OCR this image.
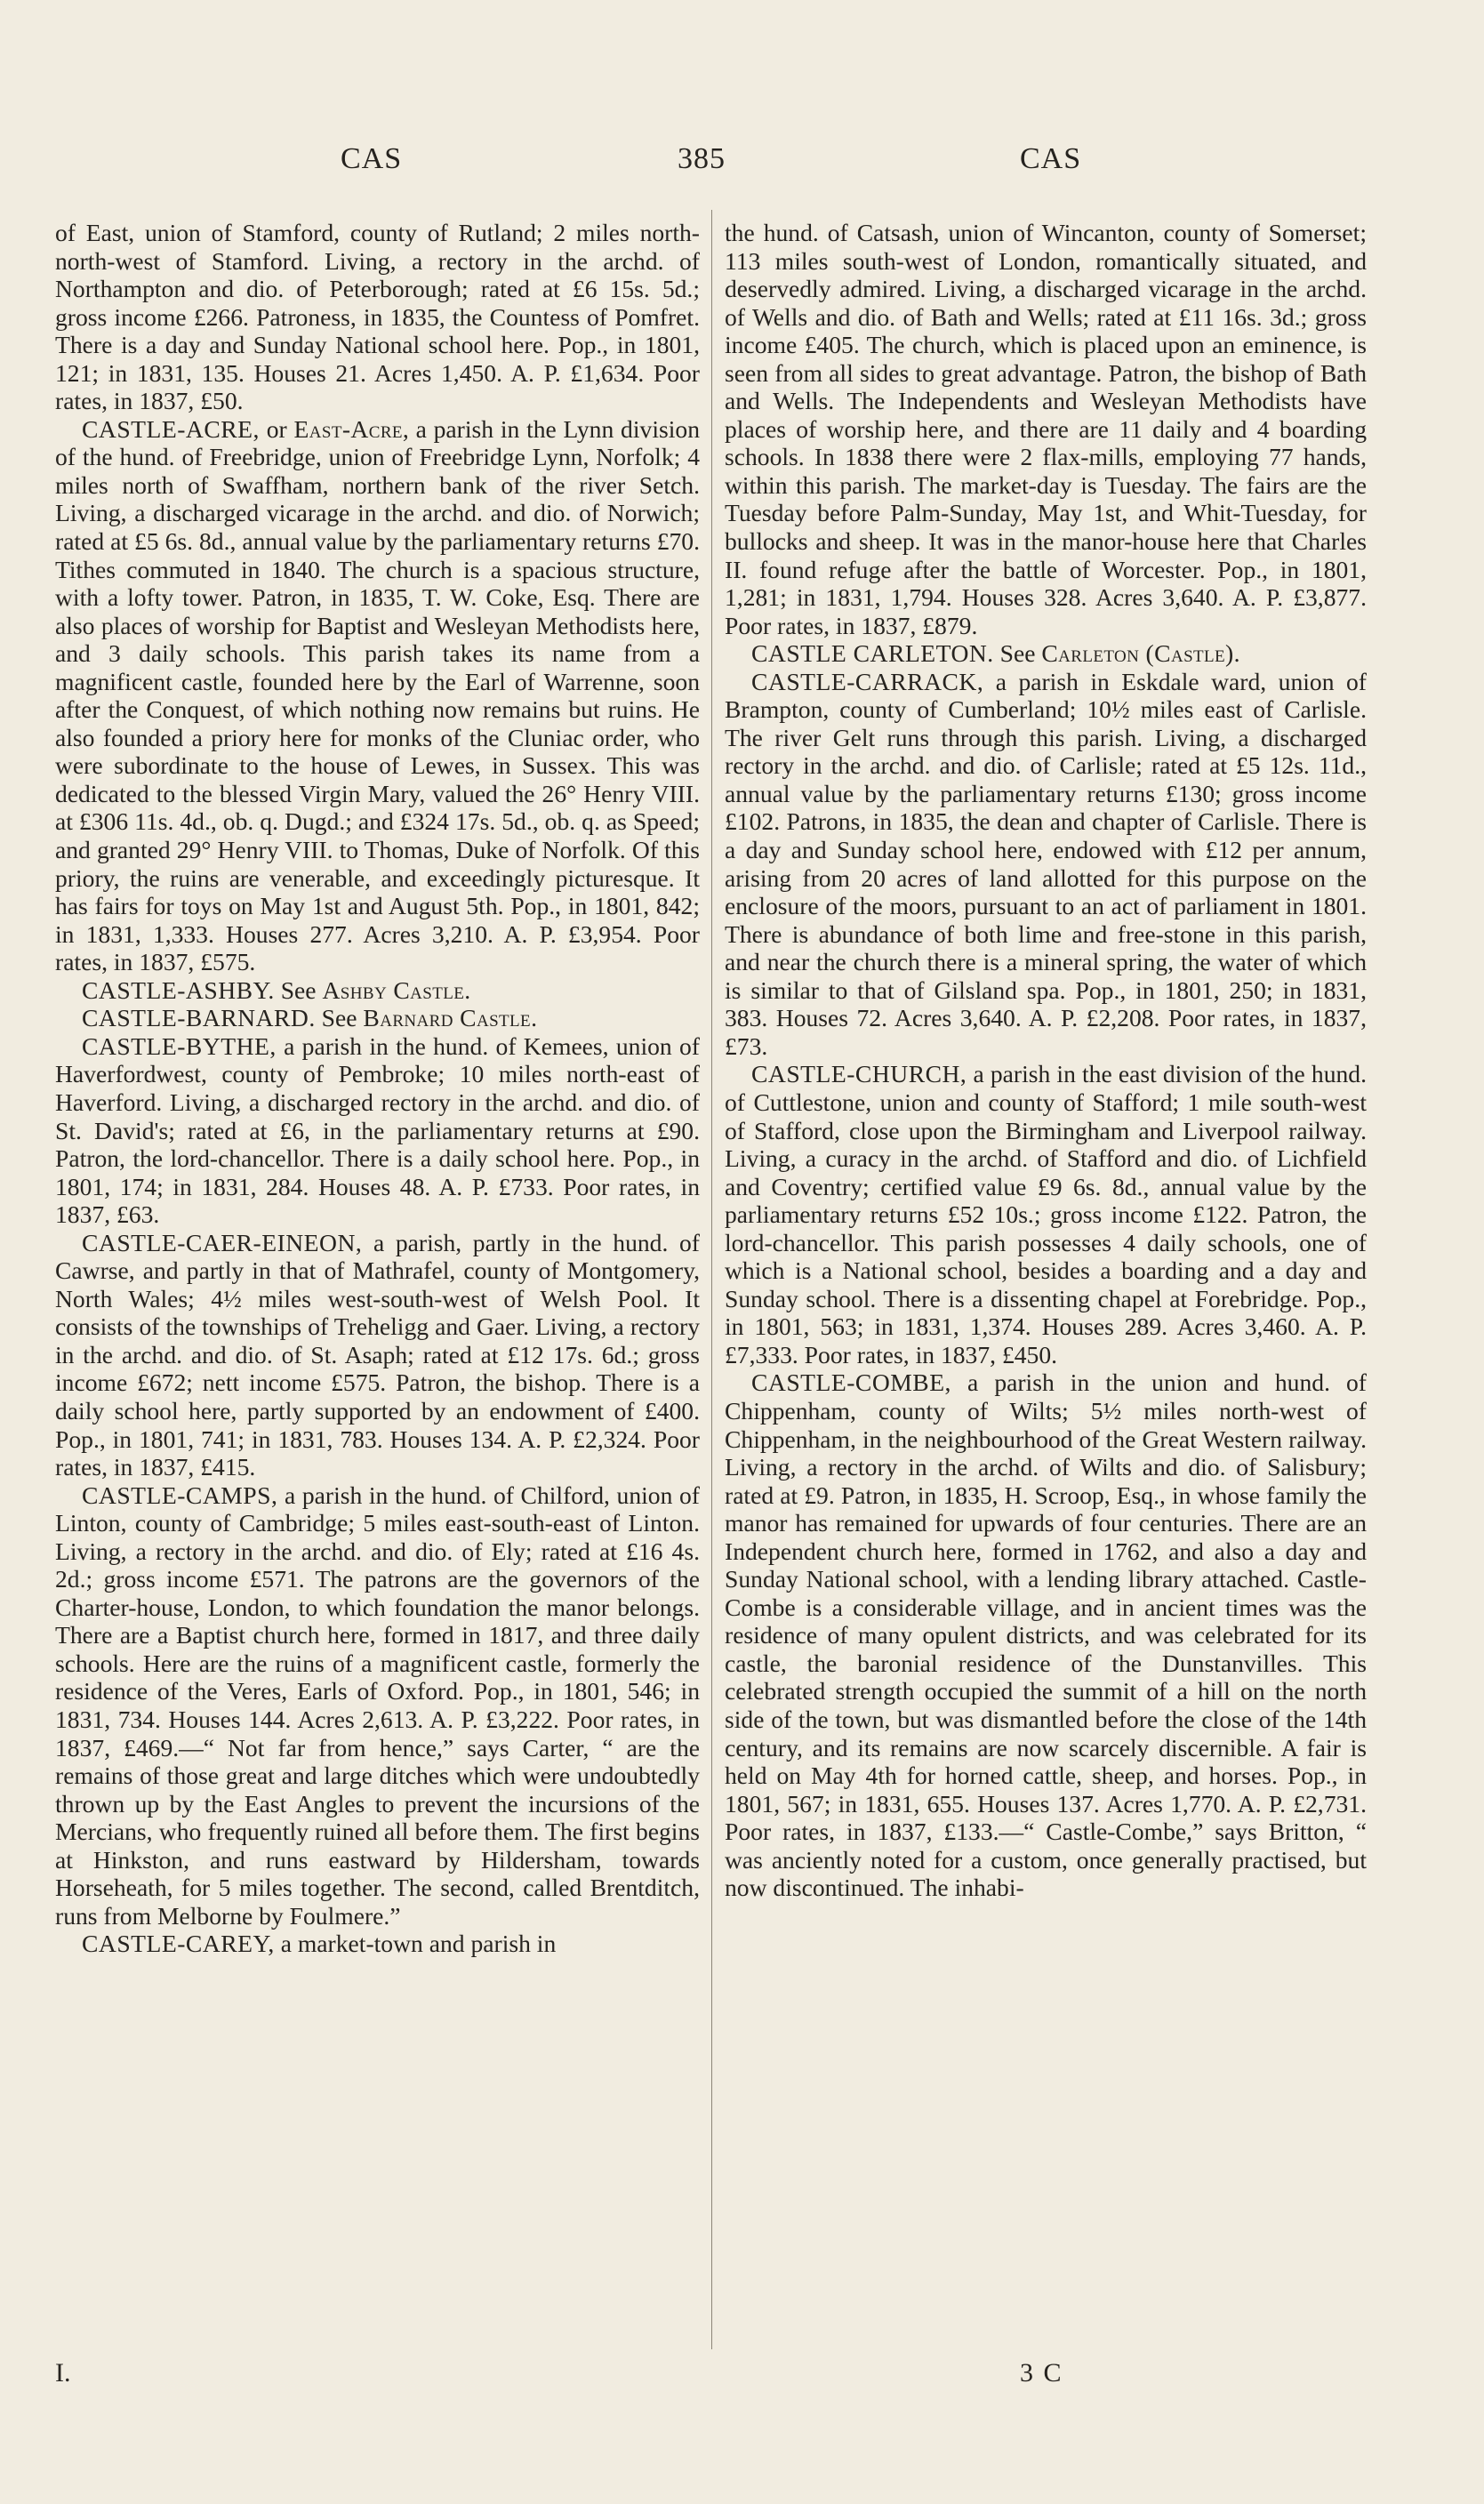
CAS	385	CAS

of East, union of Stamford, county of Rutland; 2 miles north-north-west of Stamford. Living, a rectory in the archd. of Northampton and dio. of Peterborough; rated at £6 15s. 5d.; gross income £266. Patroness, in 1835, the Countess of Pomfret. There is a day and Sunday National school here. Pop., in 1801, 121; in 1831, 135. Houses 21. Acres 1,450. A. P. £1,634. Poor rates, in 1837, £50.

CASTLE-ACRE, or East-Acre, a parish in the Lynn division of the hund. of Freebridge, union of Freebridge Lynn, Norfolk; 4 miles north of Swaffham, northern bank of the river Setch. Living, a discharged vicarage in the archd. and dio. of Norwich; rated at £5 6s. 8d., annual value by the parliamentary returns £70. Tithes commuted in 1840. The church is a spacious structure, with a lofty tower. Patron, in 1835, T. W. Coke, Esq. There are also places of worship for Baptist and Wesleyan Methodists here, and 3 daily schools. This parish takes its name from a magnificent castle, founded here by the Earl of Warrenne, soon after the Conquest, of which nothing now remains but ruins. He also founded a priory here for monks of the Cluniac order, who were subordinate to the house of Lewes, in Sussex. This was dedicated to the blessed Virgin Mary, valued the 26° Henry VIII. at £306 11s. 4d., ob. q. Dugd.; and £324 17s. 5d., ob. q. as Speed; and granted 29° Henry VIII. to Thomas, Duke of Norfolk. Of this priory, the ruins are venerable, and exceedingly picturesque. It has fairs for toys on May 1st and August 5th. Pop., in 1801, 842; in 1831, 1,333. Houses 277. Acres 3,210. A. P. £3,954. Poor rates, in 1837, £575.

CASTLE-ASHBY. See Ashby Castle.

CASTLE-BARNARD. See Barnard Castle.

CASTLE-BYTHE, a parish in the hund. of Kemees, union of Haverfordwest, county of Pembroke; 10 miles north-east of Haverford. Living, a discharged rectory in the archd. and dio. of St. David's; rated at £6, in the parliamentary returns at £90. Patron, the lord-chancellor. There is a daily school here. Pop., in 1801, 174; in 1831, 284. Houses 48. A. P. £733. Poor rates, in 1837, £63.

CASTLE-CAER-EINEON, a parish, partly in the hund. of Cawrse, and partly in that of Mathrafel, county of Montgomery, North Wales; 4½ miles west-south-west of Welsh Pool. It consists of the townships of Treheligg and Gaer. Living, a rectory in the archd. and dio. of St. Asaph; rated at £12 17s. 6d.; gross income £672; nett income £575. Patron, the bishop. There is a daily school here, partly supported by an endowment of £400. Pop., in 1801, 741; in 1831, 783. Houses 134. A. P. £2,324. Poor rates, in 1837, £415.

CASTLE-CAMPS, a parish in the hund. of Chilford, union of Linton, county of Cambridge; 5 miles east-south-east of Linton. Living, a rectory in the archd. and dio. of Ely; rated at £16 4s. 2d.; gross income £571. The patrons are the governors of the Charter-house, London, to which foundation the manor belongs. There are a Baptist church here, formed in 1817, and three daily schools. Here are the ruins of a magnificent castle, formerly the residence of the Veres, Earls of Oxford. Pop., in 1801, 546; in 1831, 734. Houses 144. Acres 2,613. A. P. £3,222. Poor rates, in 1837, £469.—“ Not far from hence,” says Carter, “ are the remains of those great and large ditches which were undoubtedly thrown up by the East Angles to prevent the incursions of the Mercians, who frequently ruined all before them. The first begins at Hinkston, and runs eastward by Hildersham, towards Horseheath, for 5 miles together. The second, called Brentditch, runs from Melborne by Foulmere.”

CASTLE-CAREY, a market-town and parish in

the hund. of Catsash, union of Wincanton, county of Somerset; 113 miles south-west of London, romantically situated, and deservedly admired. Living, a discharged vicarage in the archd. of Wells and dio. of Bath and Wells; rated at £11 16s. 3d.; gross income £405. The church, which is placed upon an eminence, is seen from all sides to great advantage. Patron, the bishop of Bath and Wells. The Independents and Wesleyan Methodists have places of worship here, and there are 11 daily and 4 boarding schools. In 1838 there were 2 flax-mills, employing 77 hands, within this parish. The market-day is Tuesday. The fairs are the Tuesday before Palm-Sunday, May 1st, and Whit-Tuesday, for bullocks and sheep. It was in the manor-house here that Charles II. found refuge after the battle of Worcester. Pop., in 1801, 1,281; in 1831, 1,794. Houses 328. Acres 3,640. A. P. £3,877. Poor rates, in 1837, £879.

CASTLE CARLETON. See Carleton (Castle).

CASTLE-CARRACK, a parish in Eskdale ward, union of Brampton, county of Cumberland; 10½ miles east of Carlisle. The river Gelt runs through this parish. Living, a discharged rectory in the archd. and dio. of Carlisle; rated at £5 12s. 11d., annual value by the parliamentary returns £130; gross income £102. Patrons, in 1835, the dean and chapter of Carlisle. There is a day and Sunday school here, endowed with £12 per annum, arising from 20 acres of land allotted for this purpose on the enclosure of the moors, pursuant to an act of parliament in 1801. There is abundance of both lime and free-stone in this parish, and near the church there is a mineral spring, the water of which is similar to that of Gilsland spa. Pop., in 1801, 250; in 1831, 383. Houses 72. Acres 3,640. A. P. £2,208. Poor rates, in 1837, £73.

CASTLE-CHURCH, a parish in the east division of the hund. of Cuttlestone, union and county of Stafford; 1 mile south-west of Stafford, close upon the Birmingham and Liverpool railway. Living, a curacy in the archd. of Stafford and dio. of Lichfield and Coventry; certified value £9 6s. 8d., annual value by the parliamentary returns £52 10s.; gross income £122. Patron, the lord-chancellor. This parish possesses 4 daily schools, one of which is a National school, besides a boarding and a day and Sunday school. There is a dissenting chapel at Forebridge. Pop., in 1801, 563; in 1831, 1,374. Houses 289. Acres 3,460. A. P. £7,333. Poor rates, in 1837, £450.

CASTLE-COMBE, a parish in the union and hund. of Chippenham, county of Wilts; 5½ miles north-west of Chippenham, in the neighbourhood of the Great Western railway. Living, a rectory in the archd. of Wilts and dio. of Salisbury; rated at £9. Patron, in 1835, H. Scroop, Esq., in whose family the manor has remained for upwards of four centuries. There are an Independent church here, formed in 1762, and also a day and Sunday National school, with a lending library attached. Castle-Combe is a considerable village, and in ancient times was the residence of many opulent districts, and was celebrated for its castle, the baronial residence of the Dunstanvilles. This celebrated strength occupied the summit of a hill on the north side of the town, but was dismantled before the close of the 14th century, and its remains are now scarcely discernible. A fair is held on May 4th for horned cattle, sheep, and horses. Pop., in 1801, 567; in 1831, 655. Houses 137. Acres 1,770. A. P. £2,731. Poor rates, in 1837, £133.—“ Castle-Combe,” says Britton, “ was anciently noted for a custom, once generally practised, but now discontinued. The inhabi-

I.	3 C
